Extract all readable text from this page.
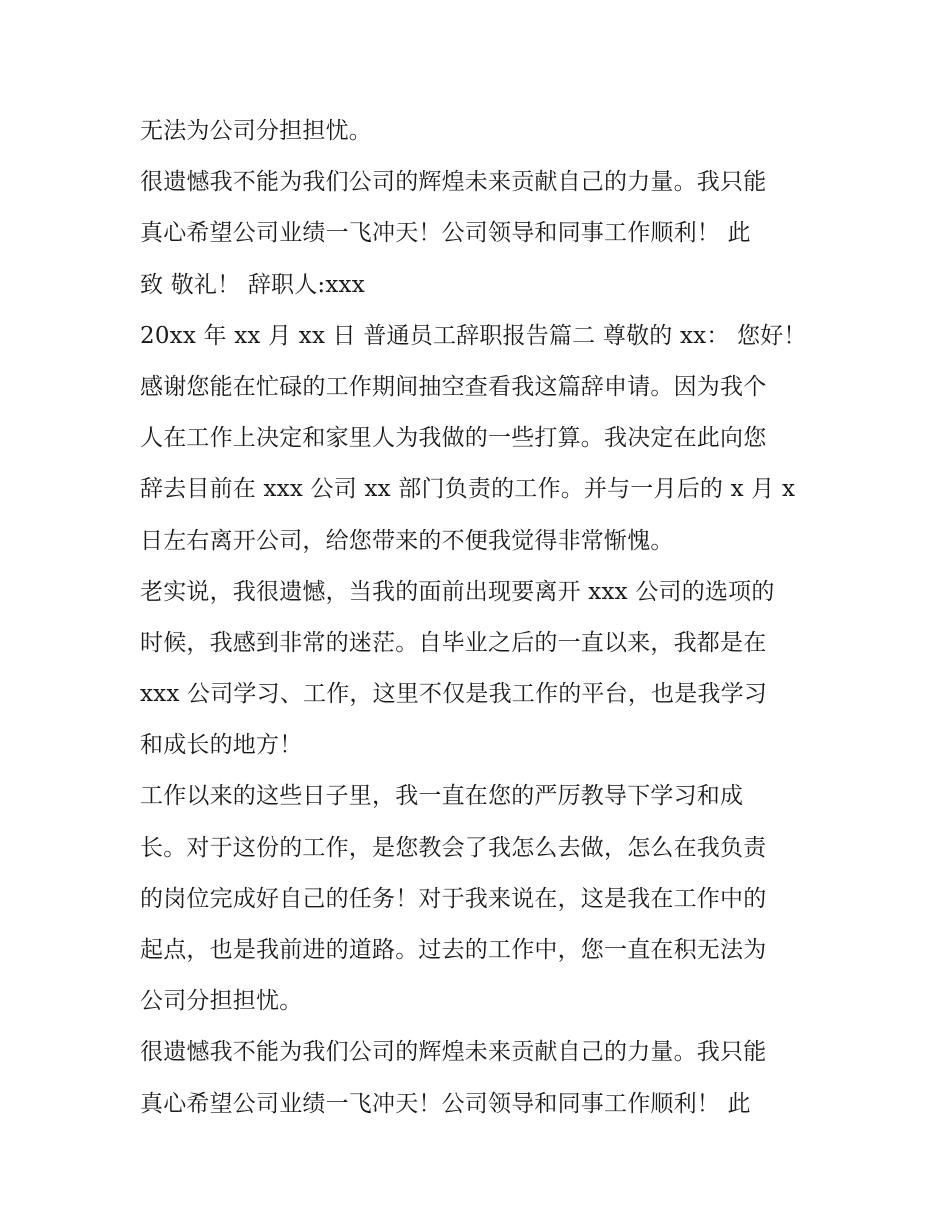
无法为公司分担担忧。
很遗憾我不能为我们公司的辉煌未来贡献自己的力量。我只能
真心希望公司业绩一飞冲天！公司领导和同事工作顺利！ 此
致 敬礼！ 辞职人:xxx
20xx 年 xx 月 xx 日 普通员工辞职报告篇二 尊敬的 xx： 您好！
感谢您能在忙碌的工作期间抽空查看我这篇辞申请。因为我个
人在工作上决定和家里人为我做的一些打算。我决定在此向您
辞去目前在 xxx 公司 xx 部门负责的工作。并与一月后的 x 月 x
日左右离开公司，给您带来的不便我觉得非常惭愧。
老实说，我很遗憾，当我的面前出现要离开 xxx 公司的选项的
时候，我感到非常的迷茫。自毕业之后的一直以来，我都是在
xxx 公司学习、工作，这里不仅是我工作的平台，也是我学习
和成长的地方！
工作以来的这些日子里，我一直在您的严厉教导下学习和成
长。对于这份的工作，是您教会了我怎么去做，怎么在我负责
的岗位完成好自己的任务！对于我来说在，这是我在工作中的
起点，也是我前进的道路。过去的工作中，您一直在积无法为
公司分担担忧。
很遗憾我不能为我们公司的辉煌未来贡献自己的力量。我只能
真心希望公司业绩一飞冲天！公司领导和同事工作顺利！ 此
